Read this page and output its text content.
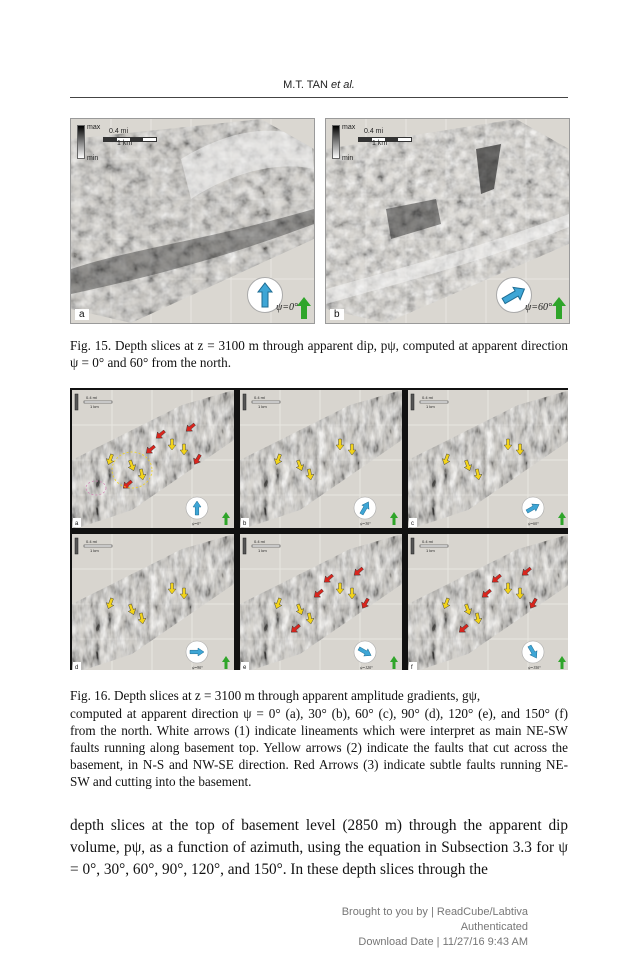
M.T. TAN et al.
max
min
0.4 mi
1 km
ψ=0°
a
max
min
0.4 mi
1 km
ψ=60°
b
Fig. 15. Depth slices at z = 3100 m through apparent dip, pψ, computed at apparent direction ψ = 0° and 60° from the north.
0.4 mi
1 km
ψ=0°
a
0.4 mi
1 km
ψ=30°
b
0.4 mi
1 km
ψ=60°
c
0.4 mi
1 km
ψ=90°
d
0.4 mi
1 km
ψ=120°
e
0.4 mi
1 km
ψ=150°
f
Fig. 16. Depth slices at z = 3100 m through apparent amplitude gradients, gψ,
computed at apparent direction ψ = 0° (a), 30° (b), 60° (c), 90° (d), 120° (e), and 150° (f) from the north. White arrows (1) indicate lineaments which were interpret as main NE-SW faults running along basement top. Yellow arrows (2) indicate the faults that cut across the basement, in N-S and NW-SE direction. Red Arrows (3) indicate subtle faults running NE-SW and cutting into the basement.
depth slices at the top of basement level (2850 m) through the apparent dip volume, pψ, as a function of azimuth, using the equation in Subsection 3.3 for ψ = 0°, 30°, 60°, 90°, 120°, and 150°. In these depth slices through the
Brought to you by | ReadCube/Labtiva
Authenticated
Download Date | 11/27/16 9:43 AM
